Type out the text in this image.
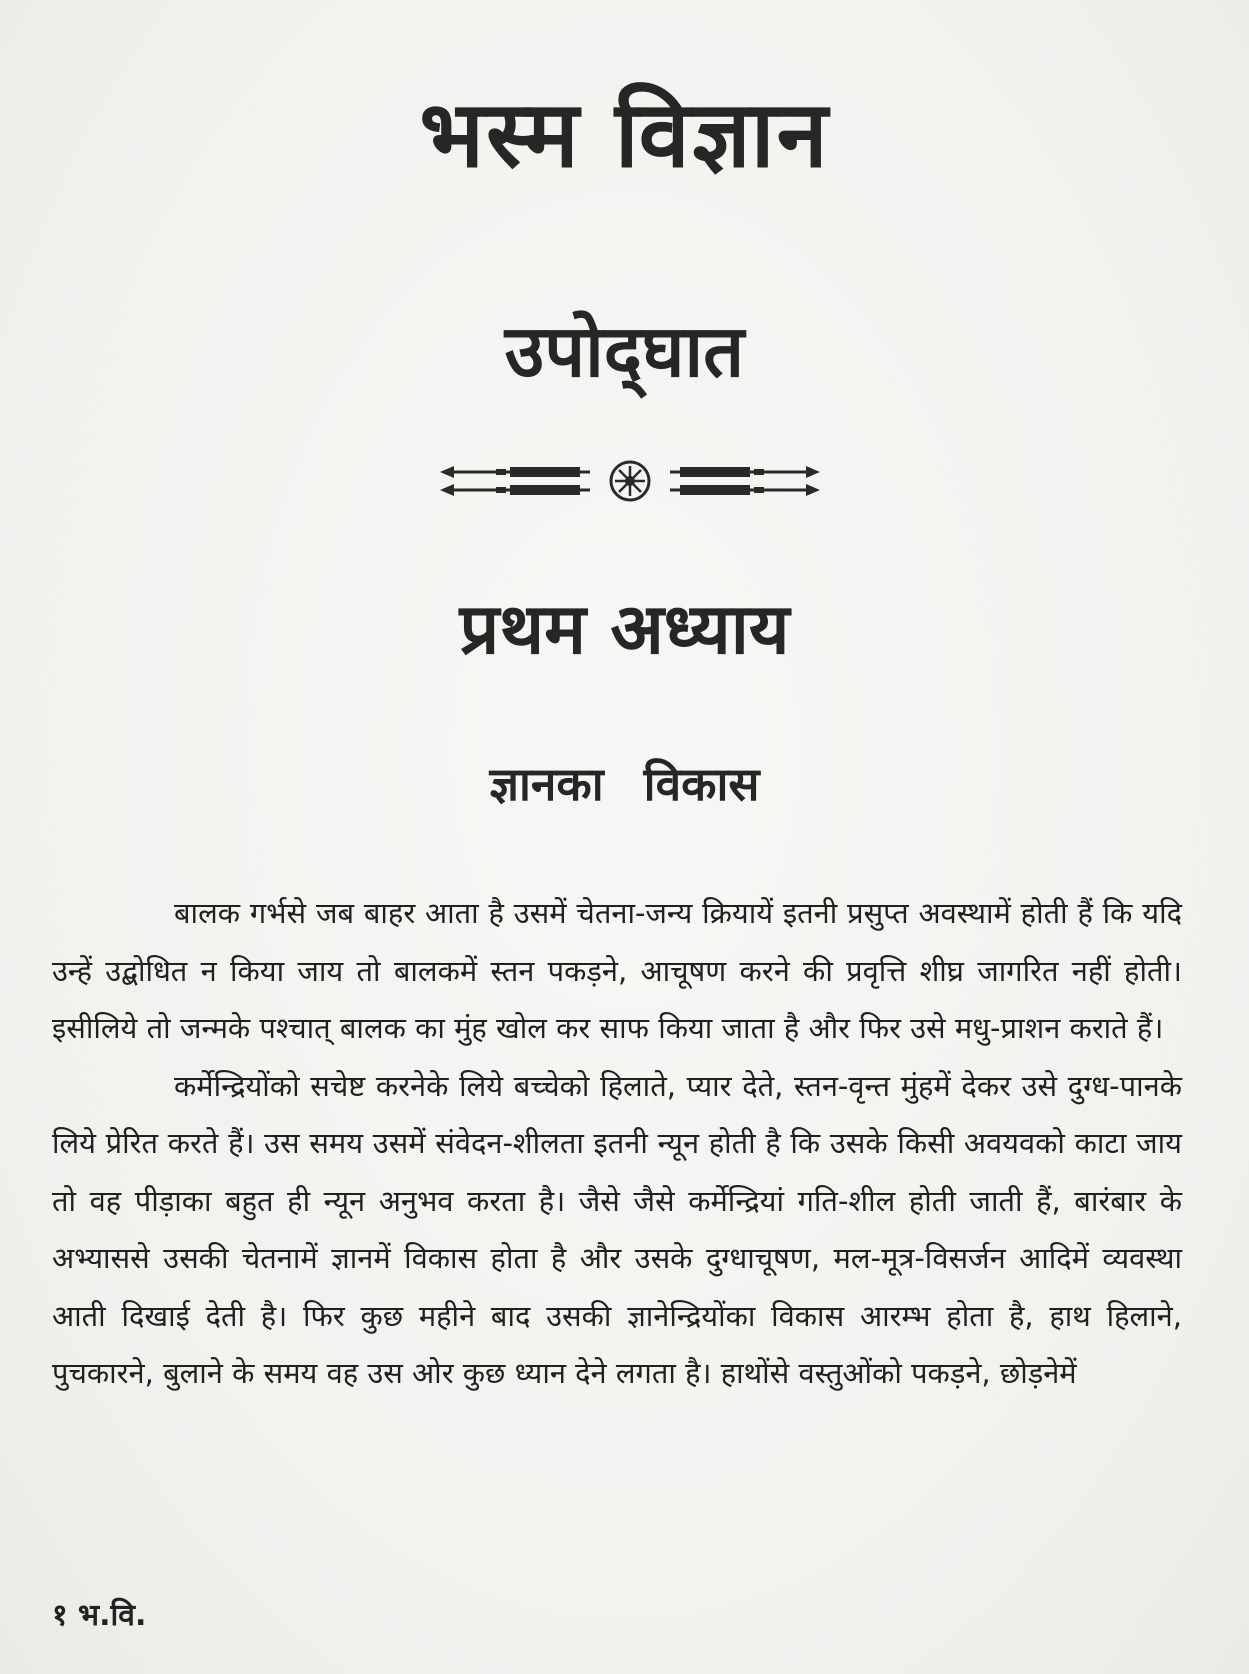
भस्म विज्ञान
उपोद्‌घात
प्रथम अध्याय
ज्ञानका विकास

बालक गर्भसे जब बाहर आता है उसमें चेतना-जन्य क्रियायें इतनी प्रसुप्त अवस्थामें होती हैं कि यदि उन्हें उद्बोधित न किया जाय तो बालकमें स्तन पकड़ने, आचूषण करने की प्रवृत्ति शीघ्र जागरित नहीं होती। इसीलिये तो जन्मके पश्चात् बालक का मुंह खोल कर साफ किया जाता है और फिर उसे मधु-प्राशन कराते हैं।

कर्मेन्द्रियोंको सचेष्ट करनेके लिये बच्चेको हिलाते, प्यार देते, स्तन-वृन्त मुंहमें देकर उसे दुग्ध-पानके लिये प्रेरित करते हैं। उस समय उसमें संवेदन-शीलता इतनी न्यून होती है कि उसके किसी अवयवको काटा जाय तो वह पीड़ाका बहुत ही न्यून अनुभव करता है। जैसे जैसे कर्मेन्द्रियां गति-शील होती जाती हैं, बारंबार के अभ्याससे उसकी चेतनामें ज्ञानमें विकास होता है और उसके दुग्धाचूषण, मल-मूत्र-विसर्जन आदिमें व्यवस्था आती दिखाई देती है। फिर कुछ महीने बाद उसकी ज्ञानेन्द्रियोंका विकास आरम्भ होता है, हाथ हिलाने, पुचकारने, बुलाने के समय वह उस ओर कुछ ध्यान देने लगता है। हाथोंसे वस्तुओंको पकड़ने, छोड़नेमें

१ भ.वि.
